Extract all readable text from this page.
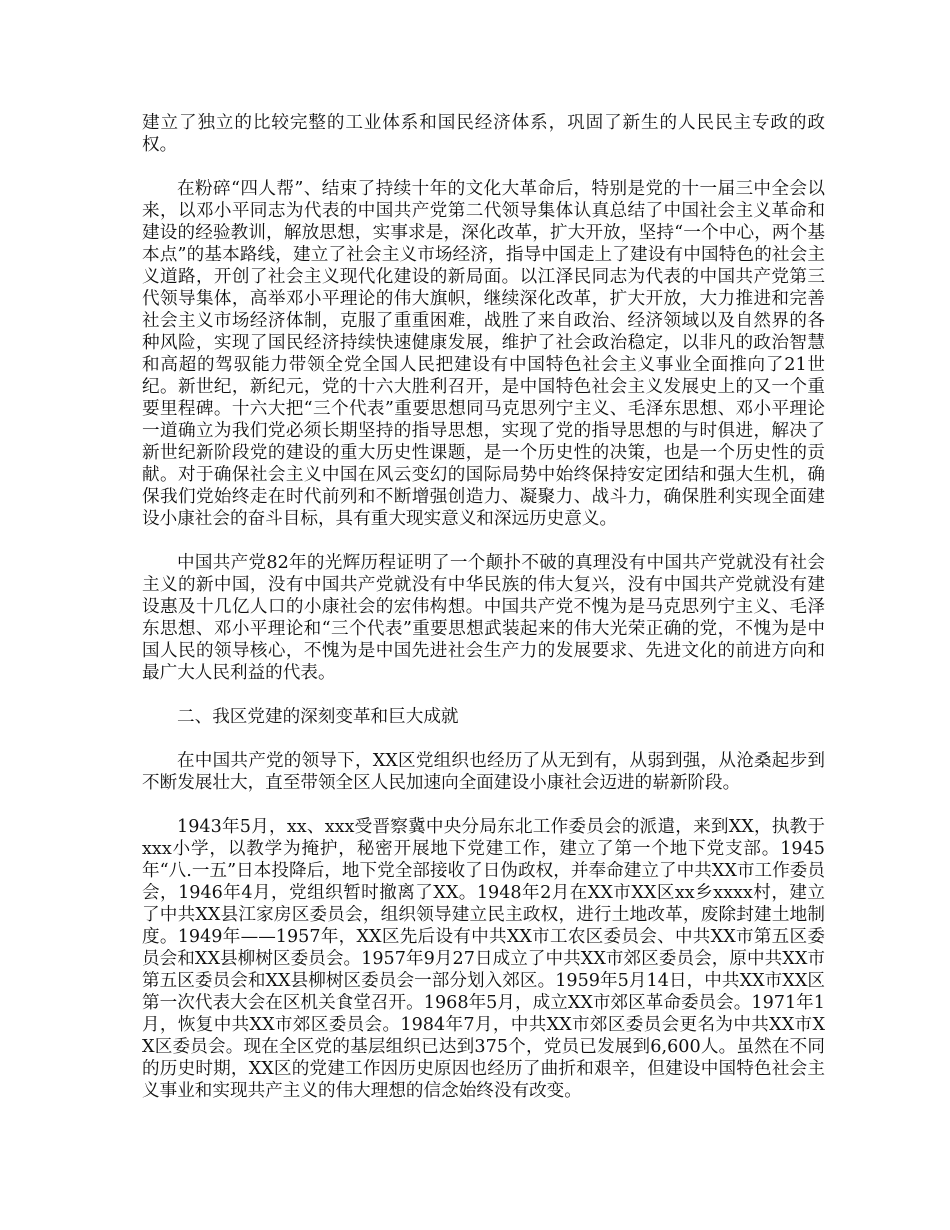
建立了独立的比较完整的工业体系和国民经济体系，巩固了新生的人民民主专政的政权。

在粉碎“四人帮”、结束了持续十年的文化大革命后，特别是党的十一届三中全会以来，以邓小平同志为代表的中国共产党第二代领导集体认真总结了中国社会主义革命和建设的经验教训，解放思想，实事求是，深化改革，扩大开放，坚持“一个中心，两个基本点”的基本路线，建立了社会主义市场经济，指导中国走上了建设有中国特色的社会主义道路，开创了社会主义现代化建设的新局面。以江泽民同志为代表的中国共产党第三代领导集体，高举邓小平理论的伟大旗帜，继续深化改革，扩大开放，大力推进和完善社会主义市场经济体制，克服了重重困难，战胜了来自政治、经济领域以及自然界的各种风险，实现了国民经济持续快速健康发展，维护了社会政治稳定，以非凡的政治智慧和高超的驾驭能力带领全党全国人民把建设有中国特色社会主义事业全面推向了21世纪。新世纪，新纪元，党的十六大胜利召开，是中国特色社会主义发展史上的又一个重要里程碑。十六大把“三个代表”重要思想同马克思列宁主义、毛泽东思想、邓小平理论一道确立为我们党必须长期坚持的指导思想，实现了党的指导思想的与时俱进，解决了新世纪新阶段党的建设的重大历史性课题，是一个历史性的决策，也是一个历史性的贡献。对于确保社会主义中国在风云变幻的国际局势中始终保持安定团结和强大生机，确保我们党始终走在时代前列和不断增强创造力、凝聚力、战斗力，确保胜利实现全面建设小康社会的奋斗目标，具有重大现实意义和深远历史意义。

中国共产党82年的光辉历程证明了一个颠扑不破的真理没有中国共产党就没有社会主义的新中国，没有中国共产党就没有中华民族的伟大复兴，没有中国共产党就没有建设惠及十几亿人口的小康社会的宏伟构想。中国共产党不愧为是马克思列宁主义、毛泽东思想、邓小平理论和“三个代表”重要思想武装起来的伟大光荣正确的党，不愧为是中国人民的领导核心，不愧为是中国先进社会生产力的发展要求、先进文化的前进方向和最广大人民利益的代表。

二、我区党建的深刻变革和巨大成就

在中国共产党的领导下，XX区党组织也经历了从无到有，从弱到强，从沧桑起步到不断发展壮大，直至带领全区人民加速向全面建设小康社会迈进的崭新阶段。

1943年5月，xx、xxx受晋察冀中央分局东北工作委员会的派遣，来到XX，执教于xxx小学，以教学为掩护，秘密开展地下党建工作，建立了第一个地下党支部。1945年“八.一五”日本投降后，地下党全部接收了日伪政权，并奉命建立了中共XX市工作委员会，1946年4月，党组织暂时撤离了XX。1948年2月在XX市XX区xx乡xxxx村，建立了中共XX县江家房区委员会，组织领导建立民主政权，进行土地改革，废除封建土地制度。1949年——1957年，XX区先后设有中共XX市工农区委员会、中共XX市第五区委员会和XX县柳树区委员会。1957年9月27日成立了中共XX市郊区委员会，原中共XX市第五区委员会和XX县柳树区委员会一部分划入郊区。1959年5月14日，中共XX市XX区第一次代表大会在区机关食堂召开。1968年5月，成立XX市郊区革命委员会。1971年1月，恢复中共XX市郊区委员会。1984年7月，中共XX市郊区委员会更名为中共XX市XX区委员会。现在全区党的基层组织已达到375个，党员已发展到6,600人。虽然在不同的历史时期，XX区的党建工作因历史原因也经历了曲折和艰辛，但建设中国特色社会主义事业和实现共产主义的伟大理想的信念始终没有改变。
